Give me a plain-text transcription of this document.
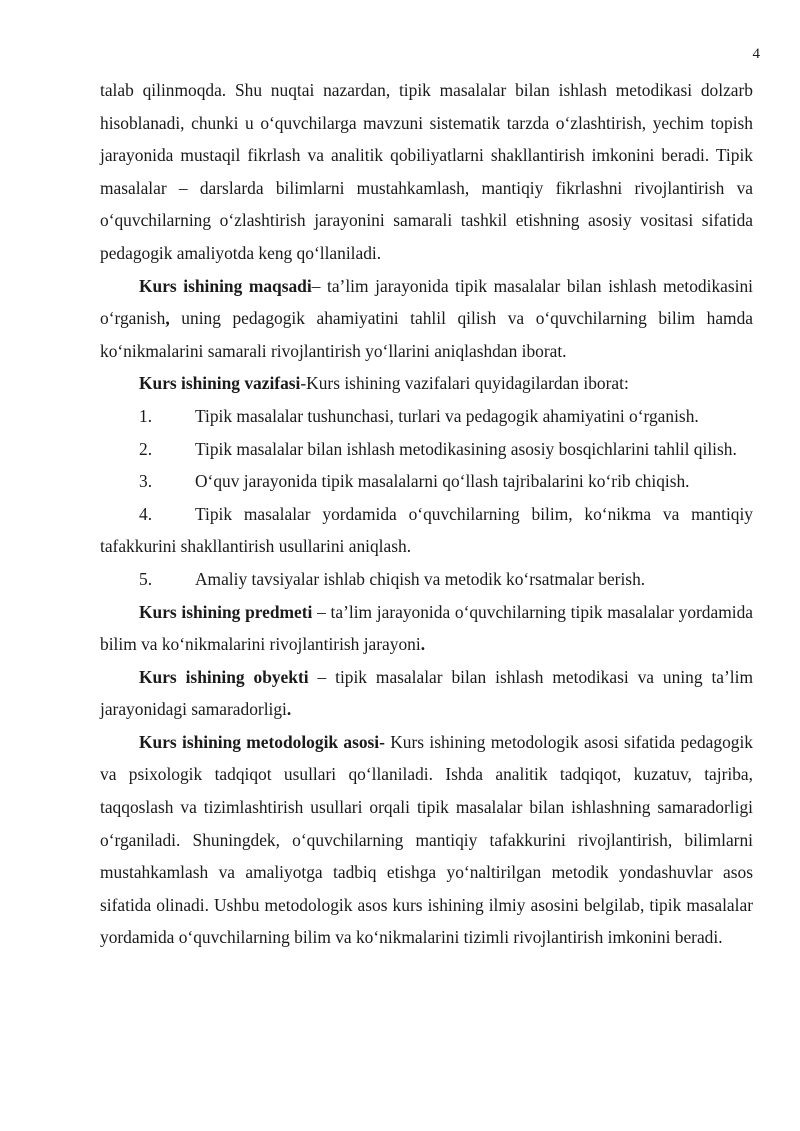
4

talab qilinmoqda. Shu nuqtai nazardan, tipik masalalar bilan ishlash metodikasi dolzarb hisoblanadi, chunki u o‘quvchilarga mavzuni sistematik tarzda o‘zlashtirish, yechim topish jarayonida mustaqil fikrlash va analitik qobiliyatlarni shakllantirish imkonini beradi. Tipik masalalar – darslarda bilimlarni mustahkamlash, mantiqiy fikrlashni rivojlantirish va o‘quvchilarning o‘zlashtirish jarayonini samarali tashkil etishning asosiy vositasi sifatida pedagogik amaliyotda keng qo‘llaniladi.

Kurs ishining maqsadi– ta’lim jarayonida tipik masalalar bilan ishlash metodikasini o‘rganish, uning pedagogik ahamiyatini tahlil qilish va o‘quvchilarning bilim hamda ko‘nikmalarini samarali rivojlantirish yo‘llarini aniqlashdan iborat.

Kurs ishining vazifasi-Kurs ishining vazifalari quyidagilardan iborat:

1. Tipik masalalar tushunchasi, turlari va pedagogik ahamiyatini o‘rganish.

2. Tipik masalalar bilan ishlash metodikasining asosiy bosqichlarini tahlil qilish.

3. O‘quv jarayonida tipik masalalarni qo‘llash tajribalarini ko‘rib chiqish.

4. Tipik masalalar yordamida o‘quvchilarning bilim, ko‘nikma va mantiqiy tafakkurini shakllantirish usullarini aniqlash.

5. Amaliy tavsiyalar ishlab chiqish va metodik ko‘rsatmalar berish.

Kurs ishining predmeti – ta’lim jarayonida o‘quvchilarning tipik masalalar yordamida bilim va ko‘nikmalarini rivojlantirish jarayoni.

Kurs ishining obyekti – tipik masalalar bilan ishlash metodikasi va uning ta’lim jarayonidagi samaradorligi.

Kurs ishining metodologik asosi- Kurs ishining metodologik asosi sifatida pedagogik va psixologik tadqiqot usullari qo‘llaniladi. Ishda analitik tadqiqot, kuzatuv, tajriba, taqqoslash va tizimlashtirish usullari orqali tipik masalalar bilan ishlashning samaradorligi o‘rganiladi. Shuningdek, o‘quvchilarning mantiqiy tafakkurini rivojlantirish, bilimlarni mustahkamlash va amaliyotga tadbiq etishga yo‘naltirilgan metodik yondashuvlar asos sifatida olinadi. Ushbu metodologik asos kurs ishining ilmiy asosini belgilab, tipik masalalar yordamida o‘quvchilarning bilim va ko‘nikmalarini tizimli rivojlantirish imkonini beradi.
